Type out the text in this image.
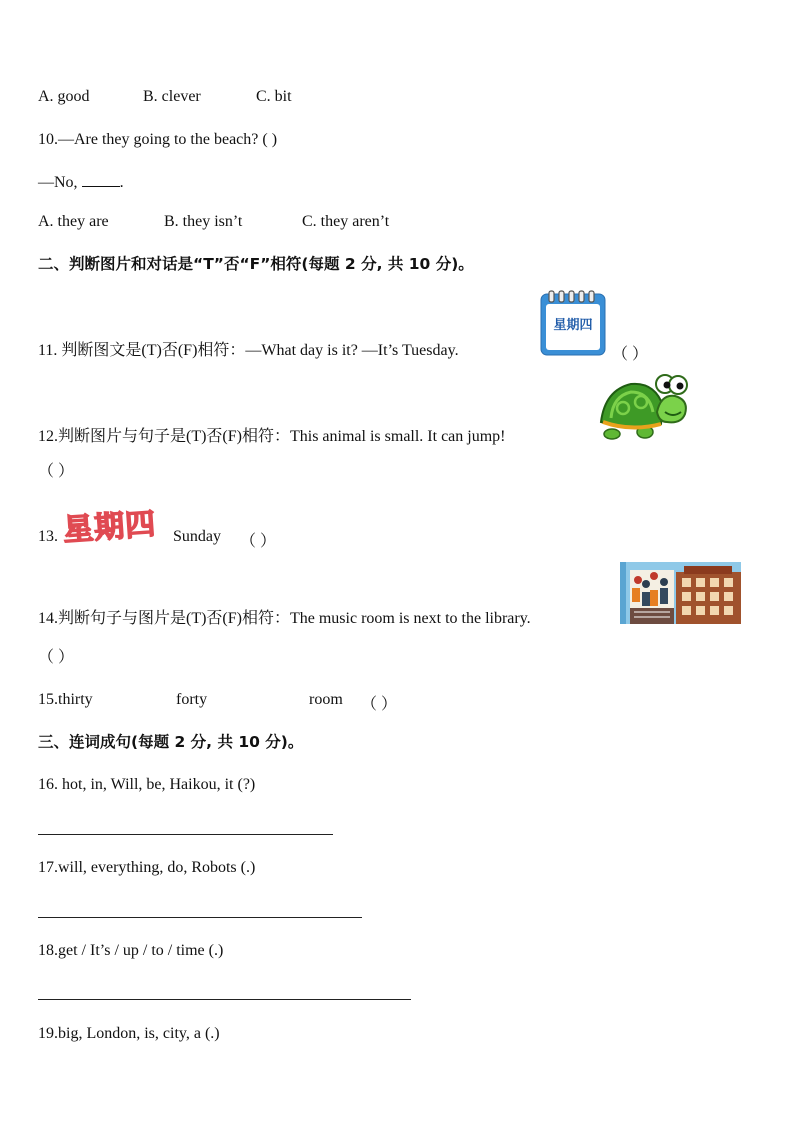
A. good	B. clever	C. bit
10.—Are they going to the beach? ( )
—No, .
A. they are	B. they isn’t	C. they aren’t
二、判断图片和对话是“T”否“F”相符(每题 2 分, 共 10 分)。
11. 判断图文是(T)否(F)相符：—What day is it? —It’s Tuesday.
星期四
（ ）
12.判断图片与句子是(T)否(F)相符：This animal is small. It can jump!
（ ）
13. 星期四 Sunday （ ）
14.判断句子与图片是(T)否(F)相符：The music room is next to the library.
（ ）
15.thirty	forty	room （ ）
三、连词成句(每题 2 分, 共 10 分)。
16. hot, in, Will, be, Haikou, it (?)
17.will, everything, do, Robots (.)
18.get / It’s / up / to / time (.)
19.big, London, is, city, a (.)
